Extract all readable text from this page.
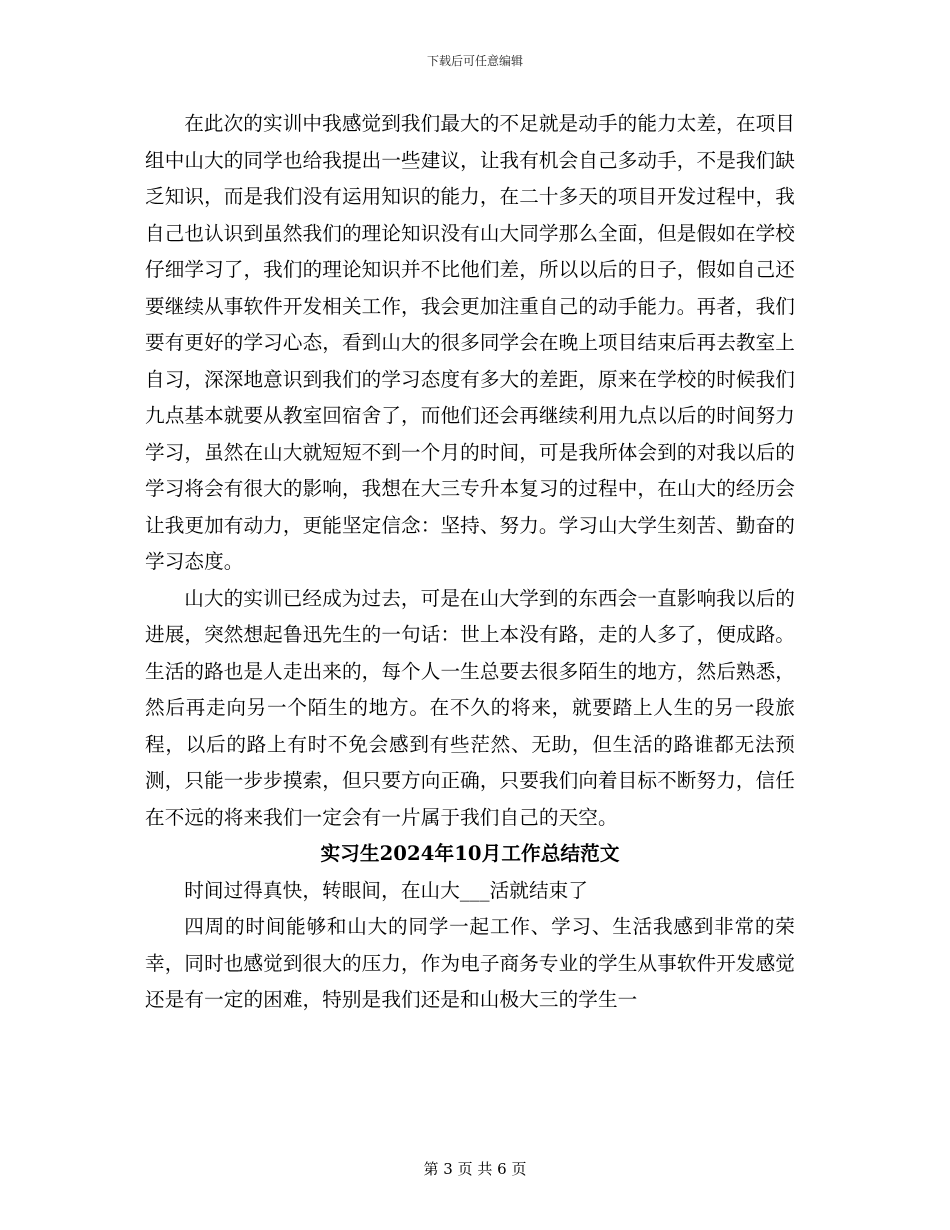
下载后可任意编辑

在此次的实训中我感觉到我们最大的不足就是动手的能力太差，在项目组中山大的同学也给我提出一些建议，让我有机会自己多动手，不是我们缺乏知识，而是我们没有运用知识的能力，在二十多天的项目开发过程中，我自己也认识到虽然我们的理论知识没有山大同学那么全面，但是假如在学校仔细学习了，我们的理论知识并不比他们差，所以以后的日子，假如自己还要继续从事软件开发相关工作，我会更加注重自己的动手能力。再者，我们要有更好的学习心态，看到山大的很多同学会在晚上项目结束后再去教室上自习，深深地意识到我们的学习态度有多大的差距，原来在学校的时候我们九点基本就要从教室回宿舍了，而他们还会再继续利用九点以后的时间努力学习，虽然在山大就短短不到一个月的时间，可是我所体会到的对我以后的学习将会有很大的影响，我想在大三专升本复习的过程中，在山大的经历会让我更加有动力，更能坚定信念：坚持、努力。学习山大学生刻苦、勤奋的学习态度。

山大的实训已经成为过去，可是在山大学到的东西会一直影响我以后的进展，突然想起鲁迅先生的一句话：世上本没有路，走的人多了，便成路。生活的路也是人走出来的，每个人一生总要去很多陌生的地方，然后熟悉，然后再走向另一个陌生的地方。在不久的将来，就要踏上人生的另一段旅程，以后的路上有时不免会感到有些茫然、无助，但生活的路谁都无法预测，只能一步步摸索，但只要方向正确，只要我们向着目标不断努力，信任在不远的将来我们一定会有一片属于我们自己的天空。

实习生2024年10月工作总结范文

时间过得真快，转眼间，在山大___活就结束了

四周的时间能够和山大的同学一起工作、学习、生活我感到非常的荣幸，同时也感觉到很大的压力，作为电子商务专业的学生从事软件开发感觉还是有一定的困难，特别是我们还是和山极大三的学生一

第 3 页 共 6 页
